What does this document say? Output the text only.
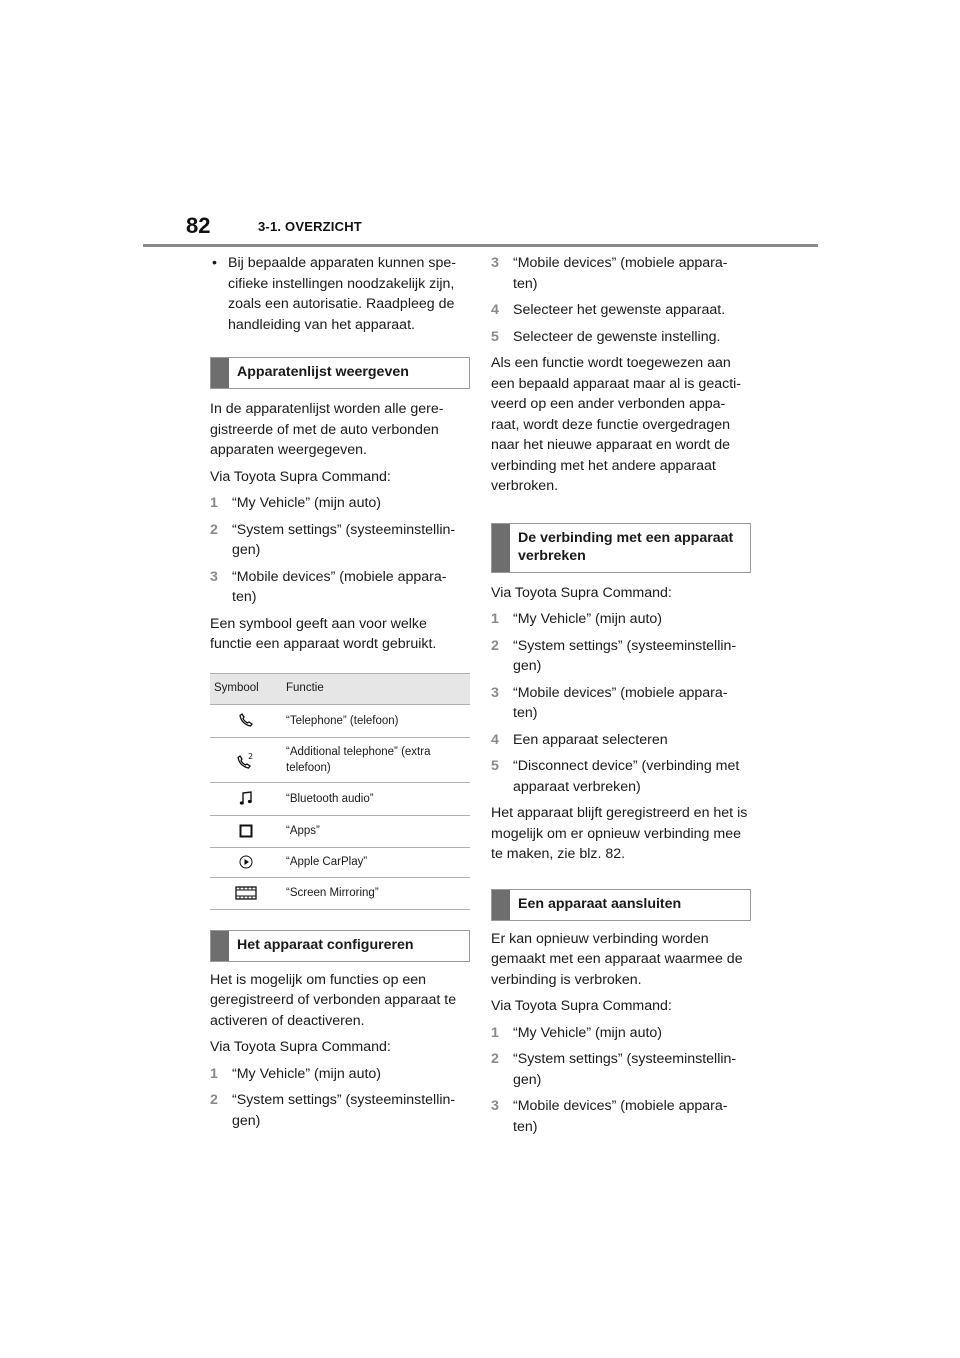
82	3-1. OVERZICHT
• Bij bepaalde apparaten kunnen spe-cifieke instellingen noodzakelijk zijn, zoals een autorisatie. Raadpleeg de handleiding van het apparaat.
Apparatenlijst weergeven

In de apparatenlijst worden alle gere-gistreerde of met de auto verbonden apparaten weergegeven.

Via Toyota Supra Command:

1 “My Vehicle” (mijn auto)
2 “System settings” (systeeminstellin-gen)
3 “Mobile devices” (mobiele appara-ten)

Een symbool geeft aan voor welke functie een apparaat wordt gebruikt.

Symbool	Functie
	“Telephone” (telefoon)

2	“Additional telephone” (extra telefoon)
	“Bluetooth audio”
	“Apps”
	“Apple CarPlay”
	“Screen Mirroring”
Het apparaat configureren

Het is mogelijk om functies op een geregistreerd of verbonden apparaat te activeren of deactiveren.

Via Toyota Supra Command:

1 “My Vehicle” (mijn auto)
2 “System settings” (systeeminstellin-gen)
3 “Mobile devices” (mobiele appara-ten)
4 Selecteer het gewenste apparaat.
5 Selecteer de gewenste instelling.

Als een functie wordt toegewezen aan een bepaald apparaat maar al is geacti-veerd op een ander verbonden appa-raat, wordt deze functie overgedragen naar het nieuwe apparaat en wordt de verbinding met het andere apparaat verbroken.

De verbinding met een apparaat verbreken

Via Toyota Supra Command:

1 “My Vehicle” (mijn auto)
2 “System settings” (systeeminstellin-gen)
3 “Mobile devices” (mobiele appara-ten)
4 Een apparaat selecteren
5 “Disconnect device” (verbinding met apparaat verbreken)

Het apparaat blijft geregistreerd en het is mogelijk om er opnieuw verbinding mee te maken, zie blz. 82.

Een apparaat aansluiten

Er kan opnieuw verbinding worden gemaakt met een apparaat waarmee de verbinding is verbroken.

Via Toyota Supra Command:

1 “My Vehicle” (mijn auto)
2 “System settings” (systeeminstellin-gen)
3 “Mobile devices” (mobiele appara-ten)
